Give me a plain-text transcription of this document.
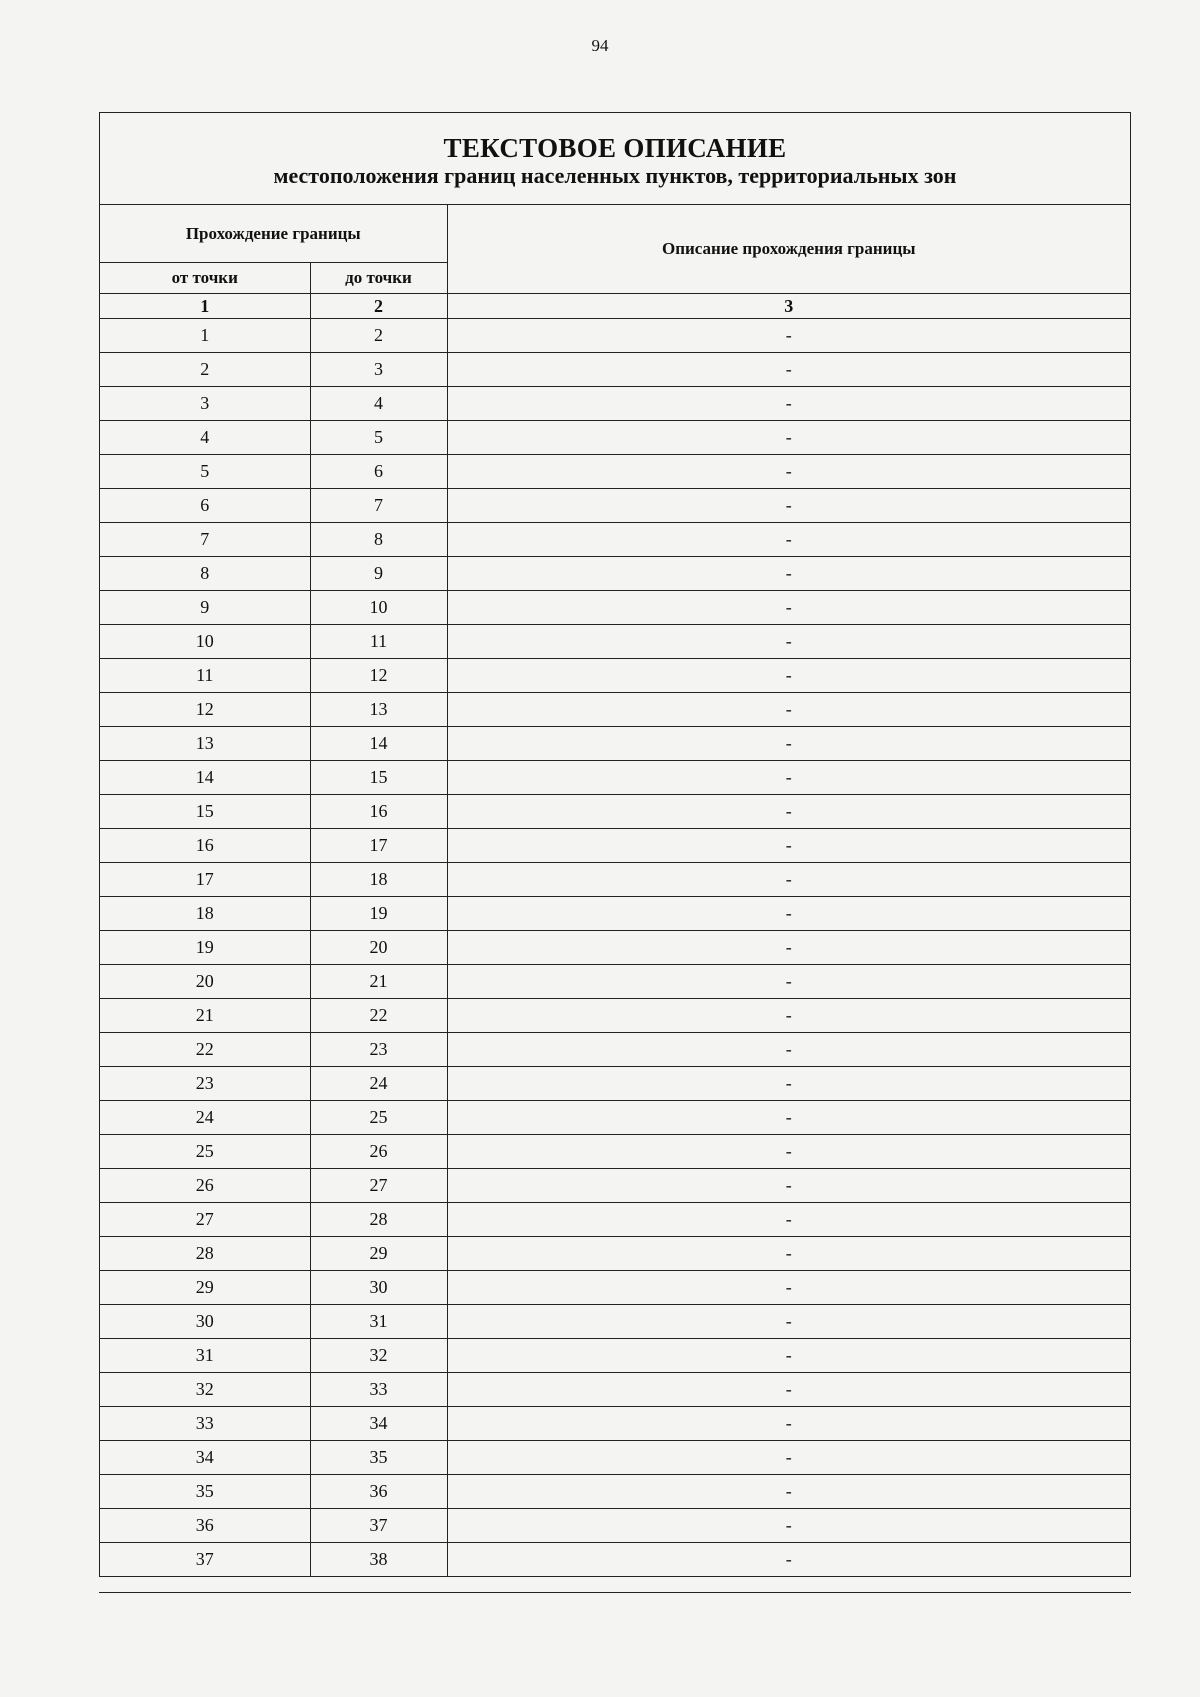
94
ТЕКСТОВОЕ ОПИСАНИЕ
местоположения границ населенных пунктов, территориальных зон
Прохождение границы		Описание прохождения границы
от точки	до точки	
1	2	3
1	2	-
2	3	-
3	4	-
4	5	-
5	6	-
6	7	-
7	8	-
8	9	-
9	10	-
10	11	-
11	12	-
12	13	-
13	14	-
14	15	-
15	16	-
16	17	-
17	18	-
18	19	-
19	20	-
20	21	-
21	22	-
22	23	-
23	24	-
24	25	-
25	26	-
26	27	-
27	28	-
28	29	-
29	30	-
30	31	-
31	32	-
32	33	-
33	34	-
34	35	-
35	36	-
36	37	-
37	38	-
